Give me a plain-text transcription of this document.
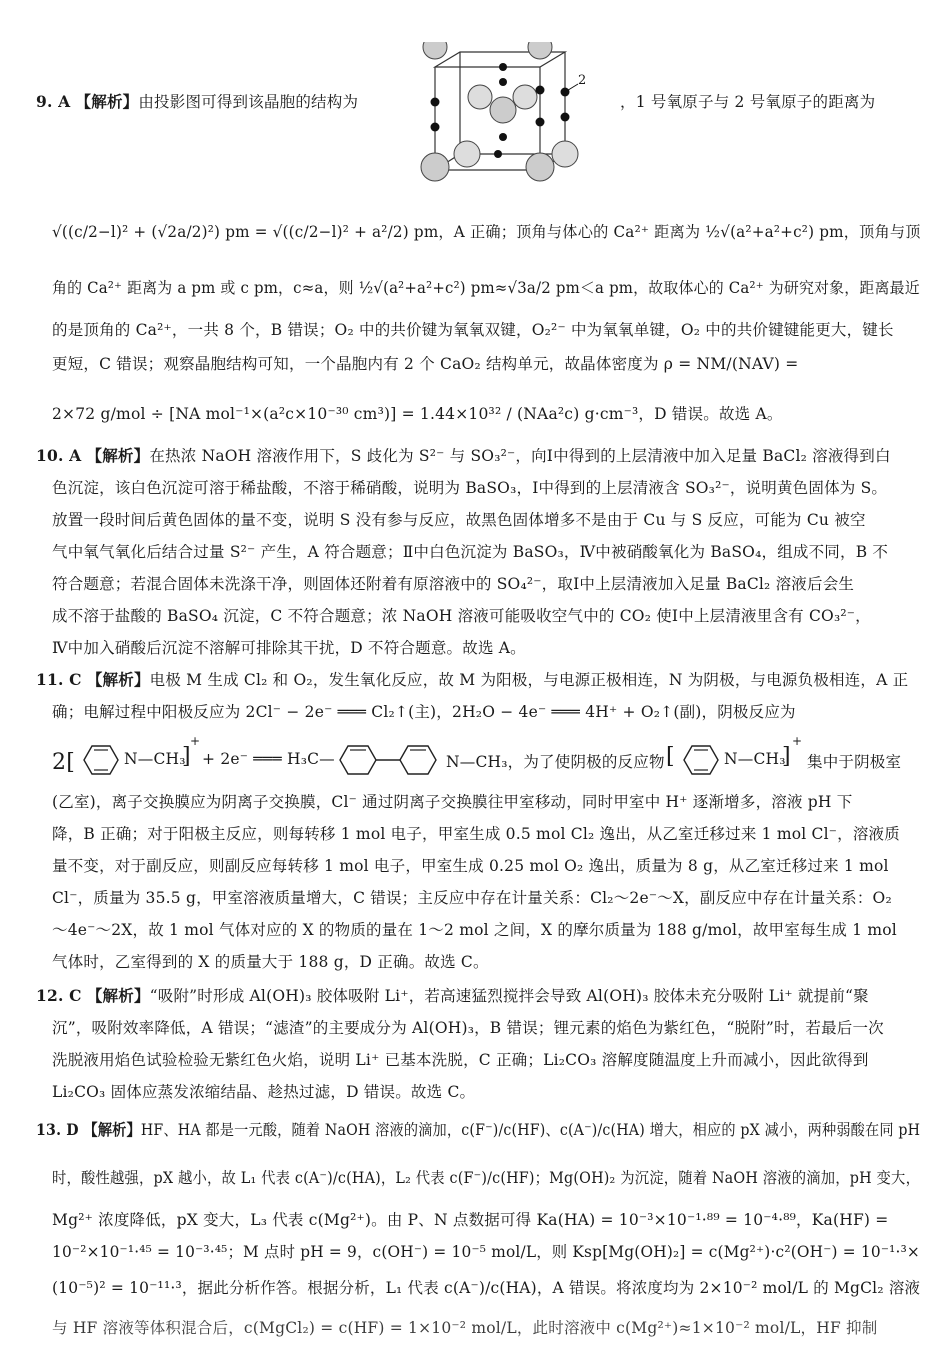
9. A 【解析】由投影图可得到该晶胞的结构为	，1 号氧原子与 2 号氧原子的距离为
2
√((c/2−l)² + (√2a/2)²) pm = √((c/2−l)² + a²/2) pm，A 正确；顶角与体心的 Ca²⁺ 距离为 ½√(a²+a²+c²) pm，顶角与顶
角的 Ca²⁺ 距离为 a pm 或 c pm，c≈a，则 ½√(a²+a²+c²) pm≈√3a/2 pm＜a pm，故取体心的 Ca²⁺ 为研究对象，距离最近
的是顶角的 Ca²⁺，一共 8 个，B 错误；O₂ 中的共价键为氧氧双键，O₂²⁻ 中为氧氧单键，O₂ 中的共价键键能更大，键长
更短，C 错误；观察晶胞结构可知，一个晶胞内有 2 个 CaO₂ 结构单元，故晶体密度为 ρ = NM/(NAV) =
2×72 g/mol ÷ [NA mol⁻¹×(a²c×10⁻³⁰ cm³)] = 1.44×10³² / (NAa²c) g·cm⁻³，D 错误。故选 A。
10. A 【解析】在热浓 NaOH 溶液作用下，S 歧化为 S²⁻ 与 SO₃²⁻，向Ⅰ中得到的上层清液中加入足量 BaCl₂ 溶液得到白
色沉淀，该白色沉淀可溶于稀盐酸，不溶于稀硝酸，说明为 BaSO₃，Ⅰ中得到的上层清液含 SO₃²⁻，说明黄色固体为 S。
放置一段时间后黄色固体的量不变，说明 S 没有参与反应，故黑色固体增多不是由于 Cu 与 S 反应，可能为 Cu 被空
气中氧气氧化后结合过量 S²⁻ 产生，A 符合题意；Ⅱ中白色沉淀为 BaSO₃，Ⅳ中被硝酸氧化为 BaSO₄，组成不同，B 不
符合题意；若混合固体未洗涤干净，则固体还附着有原溶液中的 SO₄²⁻，取Ⅰ中上层清液加入足量 BaCl₂ 溶液后会生
成不溶于盐酸的 BaSO₄ 沉淀，C 不符合题意；浓 NaOH 溶液可能吸收空气中的 CO₂ 使Ⅰ中上层清液里含有 CO₃²⁻，
Ⅳ中加入硝酸后沉淀不溶解可排除其干扰，D 不符合题意。故选 A。
11. C 【解析】电极 M 生成 Cl₂ 和 O₂，发生氧化反应，故 M 为阳极，与电源正极相连，N 为阴极，与电源负极相连，A 正
确；电解过程中阳极反应为 2Cl⁻ − 2e⁻ ═══ Cl₂↑(主)，2H₂O − 4e⁻ ═══ 4H⁺ + O₂↑(副)，阴极反应为
2[	N—CH₃
]
+
+ 2e⁻ ═══ H₃C—	N—CH₃，为了使阴极的反应物 [	N—CH₃
]
+
集中于阴极室
(乙室)，离子交换膜应为阴离子交换膜，Cl⁻ 通过阴离子交换膜往甲室移动，同时甲室中 H⁺ 逐渐增多，溶液 pH 下
降，B 正确；对于阳极主反应，则每转移 1 mol 电子，甲室生成 0.5 mol Cl₂ 逸出，从乙室迁移过来 1 mol Cl⁻，溶液质
量不变，对于副反应，则副反应每转移 1 mol 电子，甲室生成 0.25 mol O₂ 逸出，质量为 8 g，从乙室迁移过来 1 mol
Cl⁻，质量为 35.5 g，甲室溶液质量增大，C 错误；主反应中存在计量关系：Cl₂～2e⁻～X，副反应中存在计量关系：O₂
～4e⁻～2X，故 1 mol 气体对应的 X 的物质的量在 1～2 mol 之间，X 的摩尔质量为 188 g/mol，故甲室每生成 1 mol
气体时，乙室得到的 X 的质量大于 188 g，D 正确。故选 C。
12. C 【解析】“吸附”时形成 Al(OH)₃ 胶体吸附 Li⁺，若高速猛烈搅拌会导致 Al(OH)₃ 胶体未充分吸附 Li⁺ 就提前“聚
沉”，吸附效率降低，A 错误；“滤渣”的主要成分为 Al(OH)₃，B 错误；锂元素的焰色为紫红色，“脱附”时，若最后一次
洗脱液用焰色试验检验无紫红色火焰，说明 Li⁺ 已基本洗脱，C 正确；Li₂CO₃ 溶解度随温度上升而减小，因此欲得到
Li₂CO₃ 固体应蒸发浓缩结晶、趁热过滤，D 错误。故选 C。
13. D 【解析】HF、HA 都是一元酸，随着 NaOH 溶液的滴加，c(F⁻)/c(HF)、c(A⁻)/c(HA) 增大，相应的 pX 减小，两种弱酸在同 pH
时，酸性越强，pX 越小，故 L₁ 代表 c(A⁻)/c(HA)，L₂ 代表 c(F⁻)/c(HF)；Mg(OH)₂ 为沉淀，随着 NaOH 溶液的滴加，pH 变大，
Mg²⁺ 浓度降低，pX 变大，L₃ 代表 c(Mg²⁺)。由 P、N 点数据可得 Ka(HA) = 10⁻³×10⁻¹·⁸⁹ = 10⁻⁴·⁸⁹，Ka(HF) =
10⁻²×10⁻¹·⁴⁵ = 10⁻³·⁴⁵；M 点时 pH = 9，c(OH⁻) = 10⁻⁵ mol/L，则 Ksp[Mg(OH)₂] = c(Mg²⁺)·c²(OH⁻) = 10⁻¹·³×
(10⁻⁵)² = 10⁻¹¹·³，据此分析作答。根据分析，L₁ 代表 c(A⁻)/c(HA)，A 错误。将浓度均为 2×10⁻² mol/L 的 MgCl₂ 溶液
与 HF 溶液等体积混合后，c(MgCl₂) = c(HF) = 1×10⁻² mol/L，此时溶液中 c(Mg²⁺)≈1×10⁻² mol/L，HF 抑制
